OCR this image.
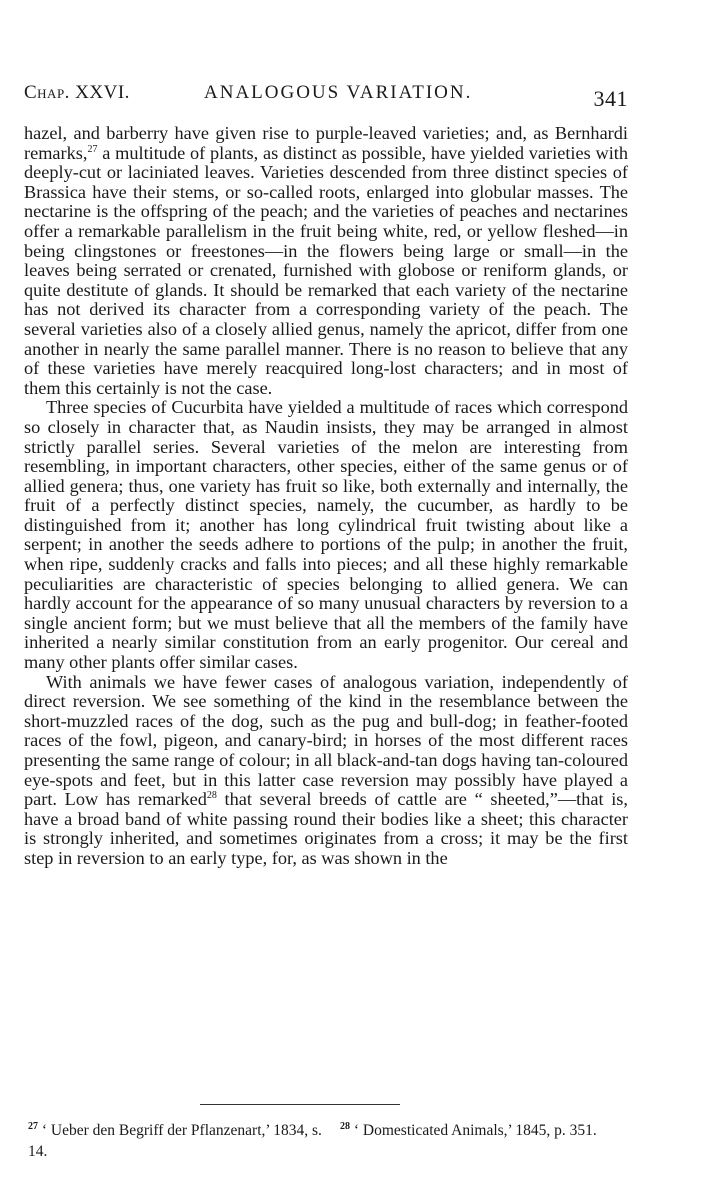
Chap. XXVI.	ANALOGOUS VARIATION.	341

hazel, and barberry have given rise to purple-leaved varieties; and, as Bernhardi remarks,$^{27}$ a multitude of plants, as distinct as possible, have yielded varieties with deeply-cut or laciniated leaves. Varieties descended from three distinct species of Brassica have their stems, or so-called roots, enlarged into globular masses. The nectarine is the offspring of the peach; and the varieties of peaches and nectarines offer a remarkable parallelism in the fruit being white, red, or yellow fleshed—in being clingstones or freestones—in the flowers being large or small—in the leaves being serrated or crenated, furnished with globose or reniform glands, or quite destitute of glands. It should be remarked that each variety of the nectarine has not derived its character from a corresponding variety of the peach. The several varieties also of a closely allied genus, namely the apricot, differ from one another in nearly the same parallel manner. There is no reason to believe that any of these varieties have merely reacquired long-lost characters; and in most of them this certainly is not the case.

Three species of Cucurbita have yielded a multitude of races which correspond so closely in character that, as Naudin insists, they may be arranged in almost strictly parallel series. Several varieties of the melon are interesting from resembling, in important characters, other species, either of the same genus or of allied genera; thus, one variety has fruit so like, both externally and internally, the fruit of a perfectly distinct species, namely, the cucumber, as hardly to be distinguished from it; another has long cylindrical fruit twisting about like a serpent; in another the seeds adhere to portions of the pulp; in another the fruit, when ripe, suddenly cracks and falls into pieces; and all these highly remarkable peculiarities are characteristic of species belonging to allied genera. We can hardly account for the appearance of so many unusual characters by reversion to a single ancient form; but we must believe that all the members of the family have inherited a nearly similar constitution from an early progenitor. Our cereal and many other plants offer similar cases.

With animals we have fewer cases of analogous variation, independently of direct reversion. We see something of the kind in the resemblance between the short-muzzled races of the dog, such as the pug and bull-dog; in feather-footed races of the fowl, pigeon, and canary-bird; in horses of the most different races presenting the same range of colour; in all black-and-tan dogs having tan-coloured eye-spots and feet, but in this latter case reversion may possibly have played a part. Low has remarked$^{28}$ that several breeds of cattle are “ sheeted,”—that is, have a broad band of white passing round their bodies like a sheet; this character is strongly inherited, and sometimes originates from a cross; it may be the first step in reversion to an early type, for, as was shown in the

$^{27}$ ‘ Ueber den Begriff der Pflanzenart,’ 1834, s. 14.
$^{28}$ ‘ Domesticated Animals,’ 1845, p. 351.
